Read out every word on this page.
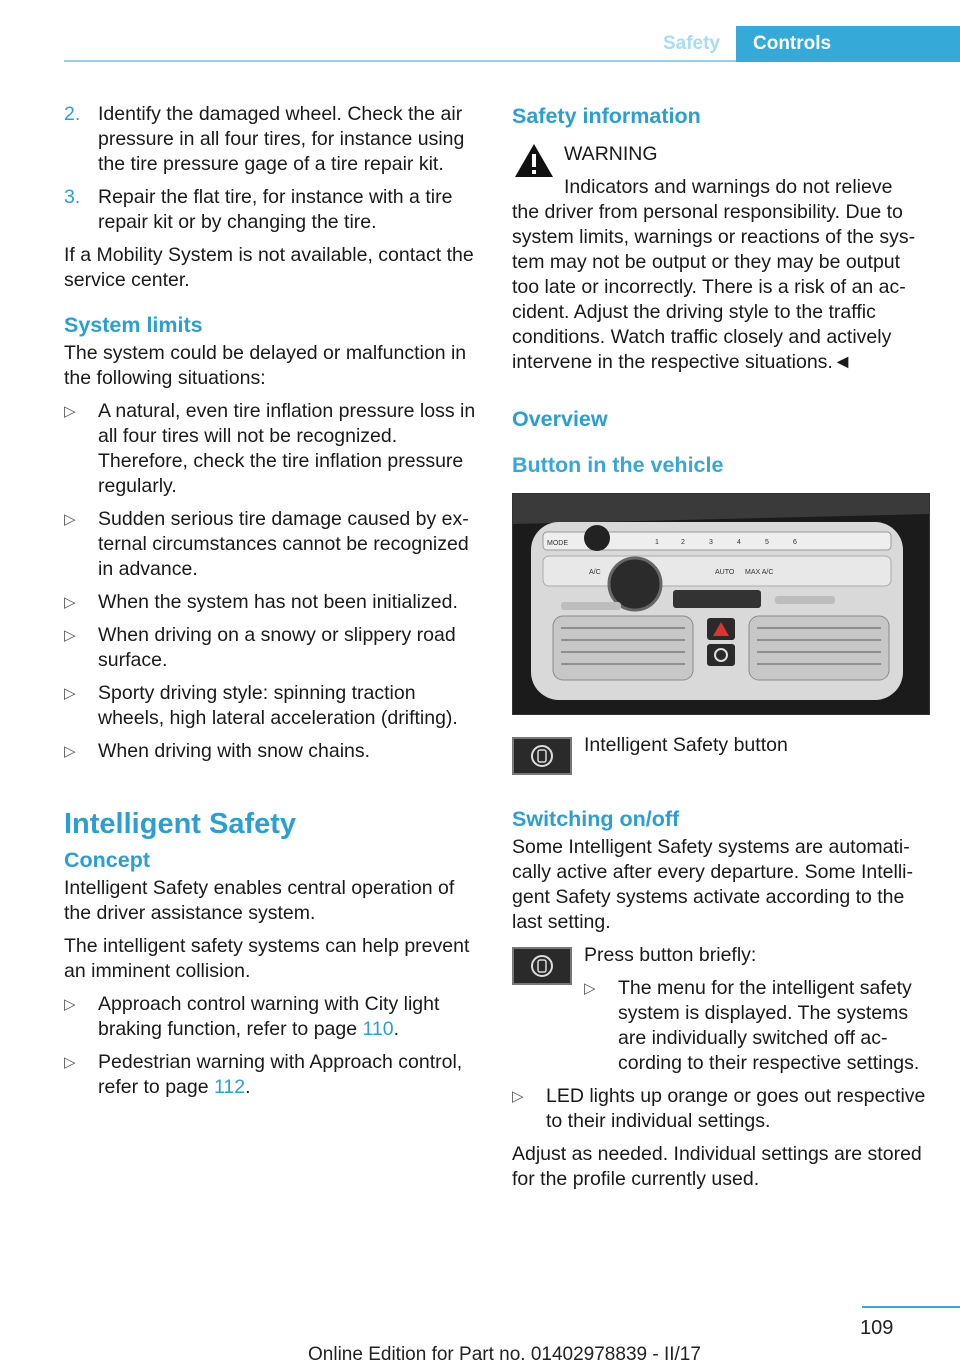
Safety	Controls
2. Identify the damaged wheel. Check the air pressure in all four tires, for instance using the tire pressure gage of a tire repair kit.
3. Repair the flat tire, for instance with a tire repair kit or by changing the tire.

If a Mobility System is not available, contact the service center.

System limits

The system could be delayed or malfunction in the following situations:

▷	A natural, even tire inflation pressure loss in all four tires will not be recognized. Therefore, check the tire inflation pressure regularly.
▷	Sudden serious tire damage caused by external circumstances cannot be recognized in advance.
▷	When the system has not been initialized.
▷	When driving on a snowy or slippery road surface.
▷	Sporty driving style: spinning traction wheels, high lateral acceleration (drifting).
▷	When driving with snow chains.
Intelligent Safety
Concept

Intelligent Safety enables central operation of the driver assistance system.

The intelligent safety systems can help prevent an imminent collision.

▷	Approach control warning with City light braking function, refer to page 110.
▷	Pedestrian warning with Approach control, refer to page 112.
Safety information
WARNING
Indicators and warnings do not relieve

the driver from personal responsibility. Due to system limits, warnings or reactions of the system may not be output or they may be output too late or incorrectly. There is a risk of an accident. Adjust the driving style to the traffic conditions. Watch traffic closely and actively intervene in the respective situations.◄

Overview
Button in the vehicle
MODE	1	2	3	4	5	6
AUTO MAX A/C
A/C
Intelligent Safety button
Switching on/off

Some Intelligent Safety systems are automatically active after every departure. Some Intelligent Safety systems activate according to the last setting.

Press button briefly:

▷	The menu for the intelligent safety system is displayed. The systems are individually switched off according to their respective settings.
▷	LED lights up orange or goes out respective to their individual settings.

Adjust as needed. Individual settings are stored for the profile currently used.

109
Online Edition for Part no. 01402978839 - II/17
